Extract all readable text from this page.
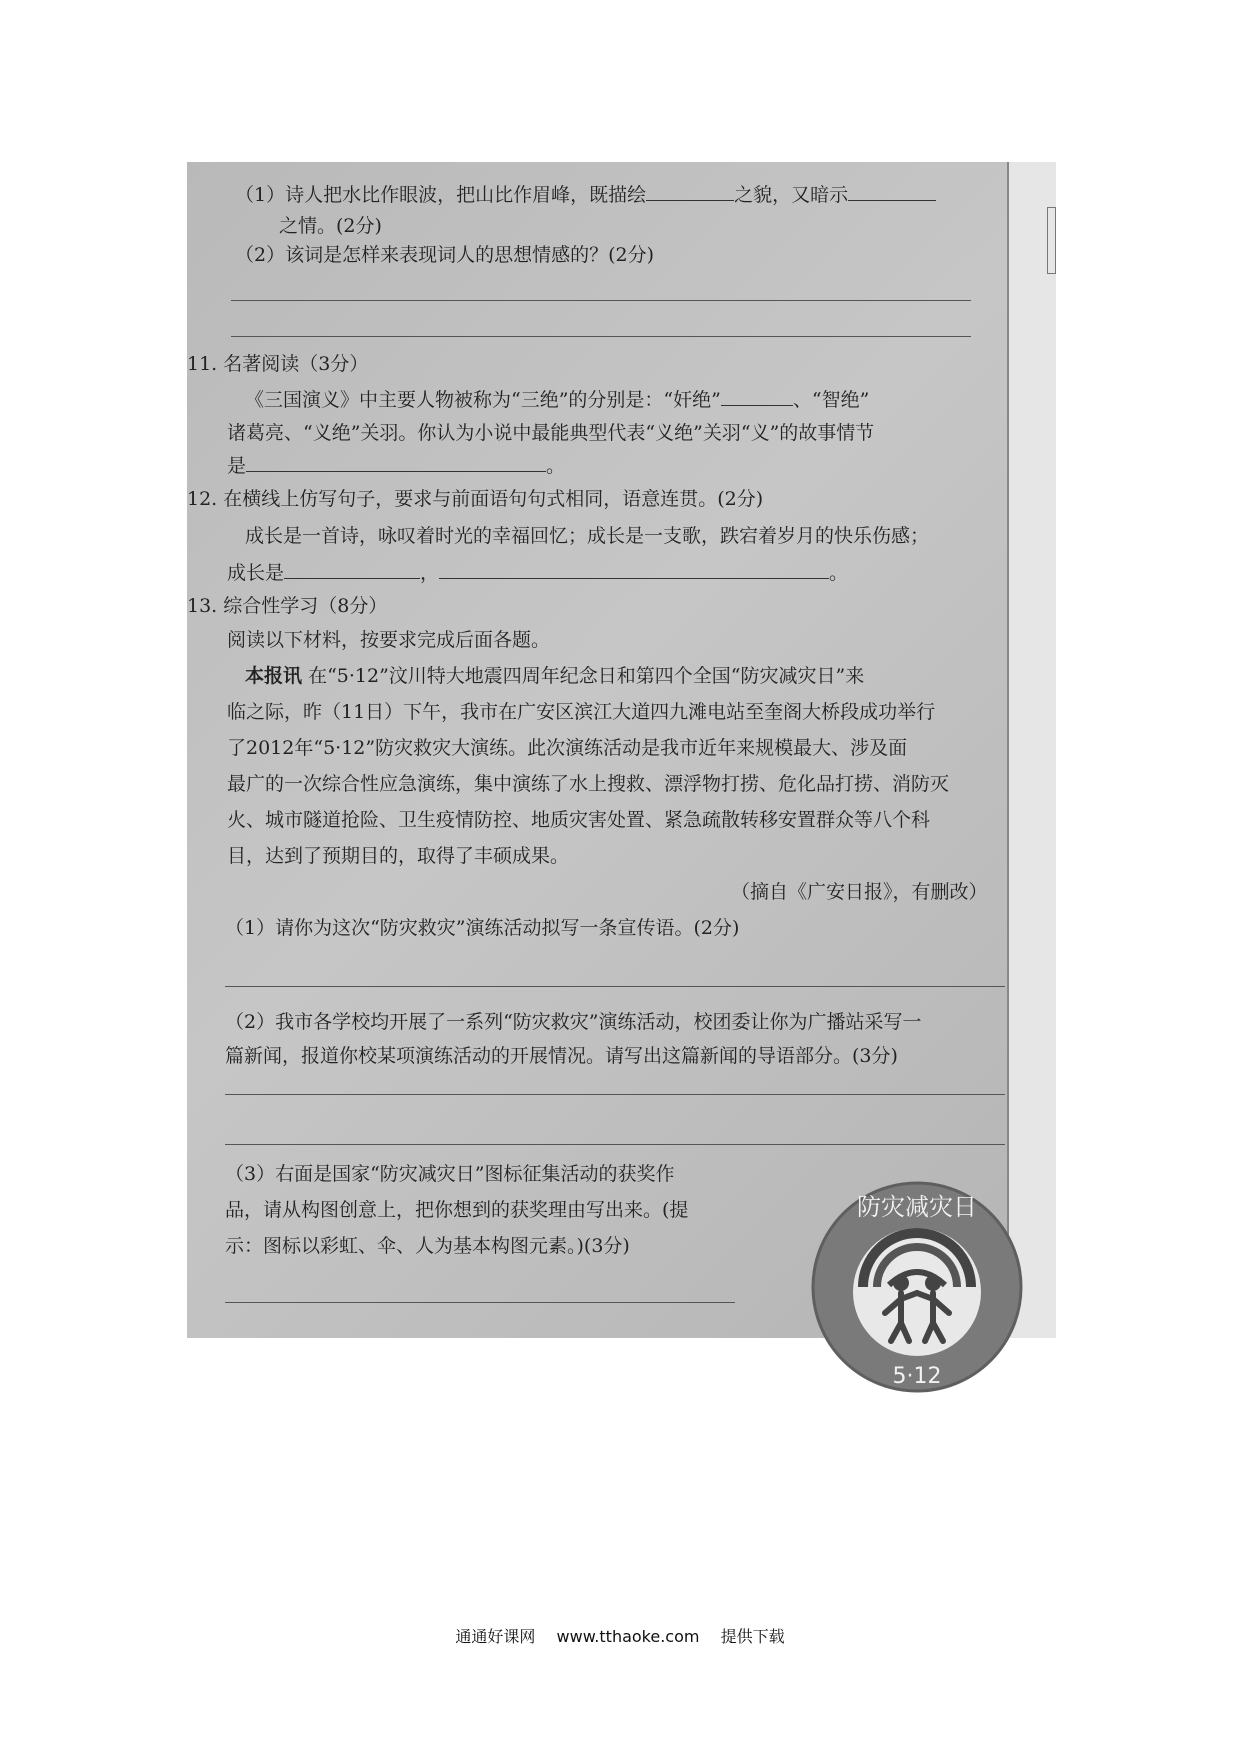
（1）诗人把水比作眼波，把山比作眉峰，既描绘	之貌，又暗示
之情。(2分)
（2）该词是怎样来表现词人的思想情感的？(2分)
11. 名著阅读（3分）
《三国演义》中主要人物被称为“三绝”的分别是：“奸绝”	、“智绝”
诸葛亮、“义绝”关羽。你认为小说中最能典型代表“义绝”关羽“义”的故事情节
是	。
12. 在横线上仿写句子，要求与前面语句句式相同，语意连贯。(2分)
成长是一首诗，咏叹着时光的幸福回忆；成长是一支歌，跌宕着岁月的快乐伤感；
成长是	，	。
13. 综合性学习（8分）
阅读以下材料，按要求完成后面各题。
本报讯 在“5·12”汶川特大地震四周年纪念日和第四个全国“防灾减灾日”来
临之际，昨（11日）下午，我市在广安区滨江大道四九滩电站至奎阁大桥段成功举行
了2012年“5·12”防灾救灾大演练。此次演练活动是我市近年来规模最大、涉及面
最广的一次综合性应急演练，集中演练了水上搜救、漂浮物打捞、危化品打捞、消防灭
火、城市隧道抢险、卫生疫情防控、地质灾害处置、紧急疏散转移安置群众等八个科
目，达到了预期目的，取得了丰硕成果。
（摘自《广安日报》，有删改）
（1）请你为这次“防灾救灾”演练活动拟写一条宣传语。(2分)
（2）我市各学校均开展了一系列“防灾救灾”演练活动，校团委让你为广播站采写一
篇新闻，报道你校某项演练活动的开展情况。请写出这篇新闻的导语部分。(3分)
（3）右面是国家“防灾减灾日”图标征集活动的获奖作
品，请从构图创意上，把你想到的获奖理由写出来。(提
示：图标以彩虹、伞、人为基本构图元素。)(3分)
防灾减灾日
5·12
通通好课网 www.tthaoke.com 提供下载
